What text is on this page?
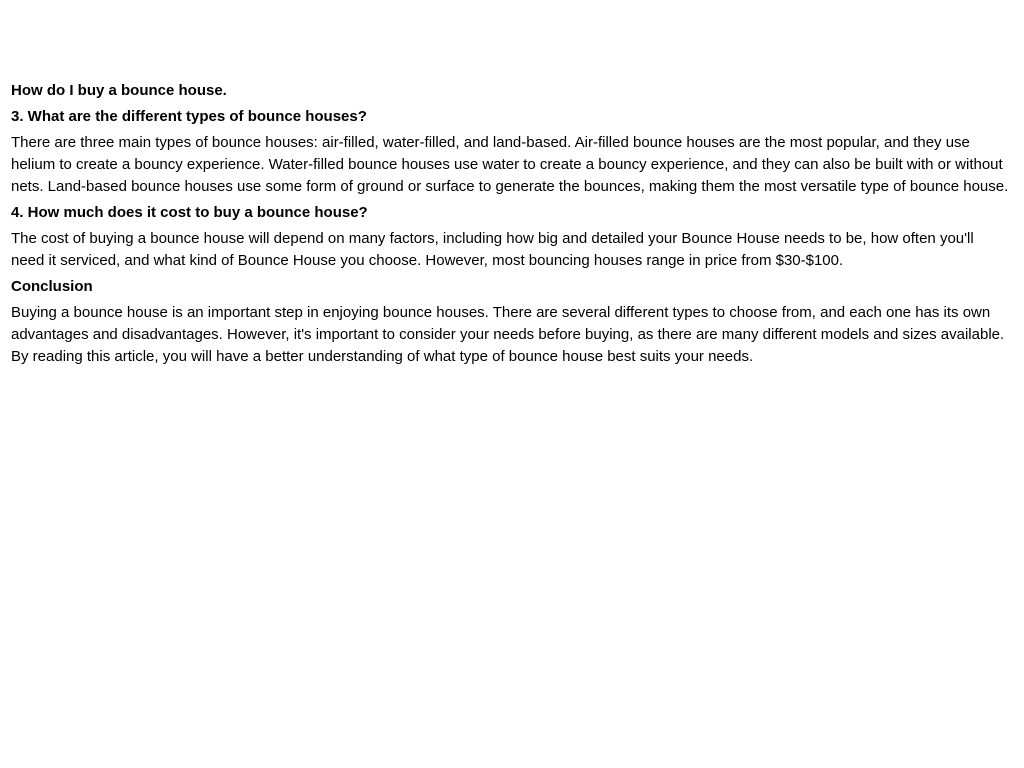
How do I buy a bounce house.
3. What are the different types of bounce houses?
There are three main types of bounce houses: air-filled, water-filled, and land-based. Air-filled bounce houses are the most popular, and they use helium to create a bouncy experience. Water-filled bounce houses use water to create a bouncy experience, and they can also be built with or without nets. Land-based bounce houses use some form of ground or surface to generate the bounces, making them the most versatile type of bounce house.
4. How much does it cost to buy a bounce house?
The cost of buying a bounce house will depend on many factors, including how big and detailed your Bounce House needs to be, how often you'll need it serviced, and what kind of Bounce House you choose. However, most bouncing houses range in price from $30-$100.
Conclusion
Buying a bounce house is an important step in enjoying bounce houses. There are several different types to choose from, and each one has its own advantages and disadvantages. However, it's important to consider your needs before buying, as there are many different models and sizes available. By reading this article, you will have a better understanding of what type of bounce house best suits your needs.
